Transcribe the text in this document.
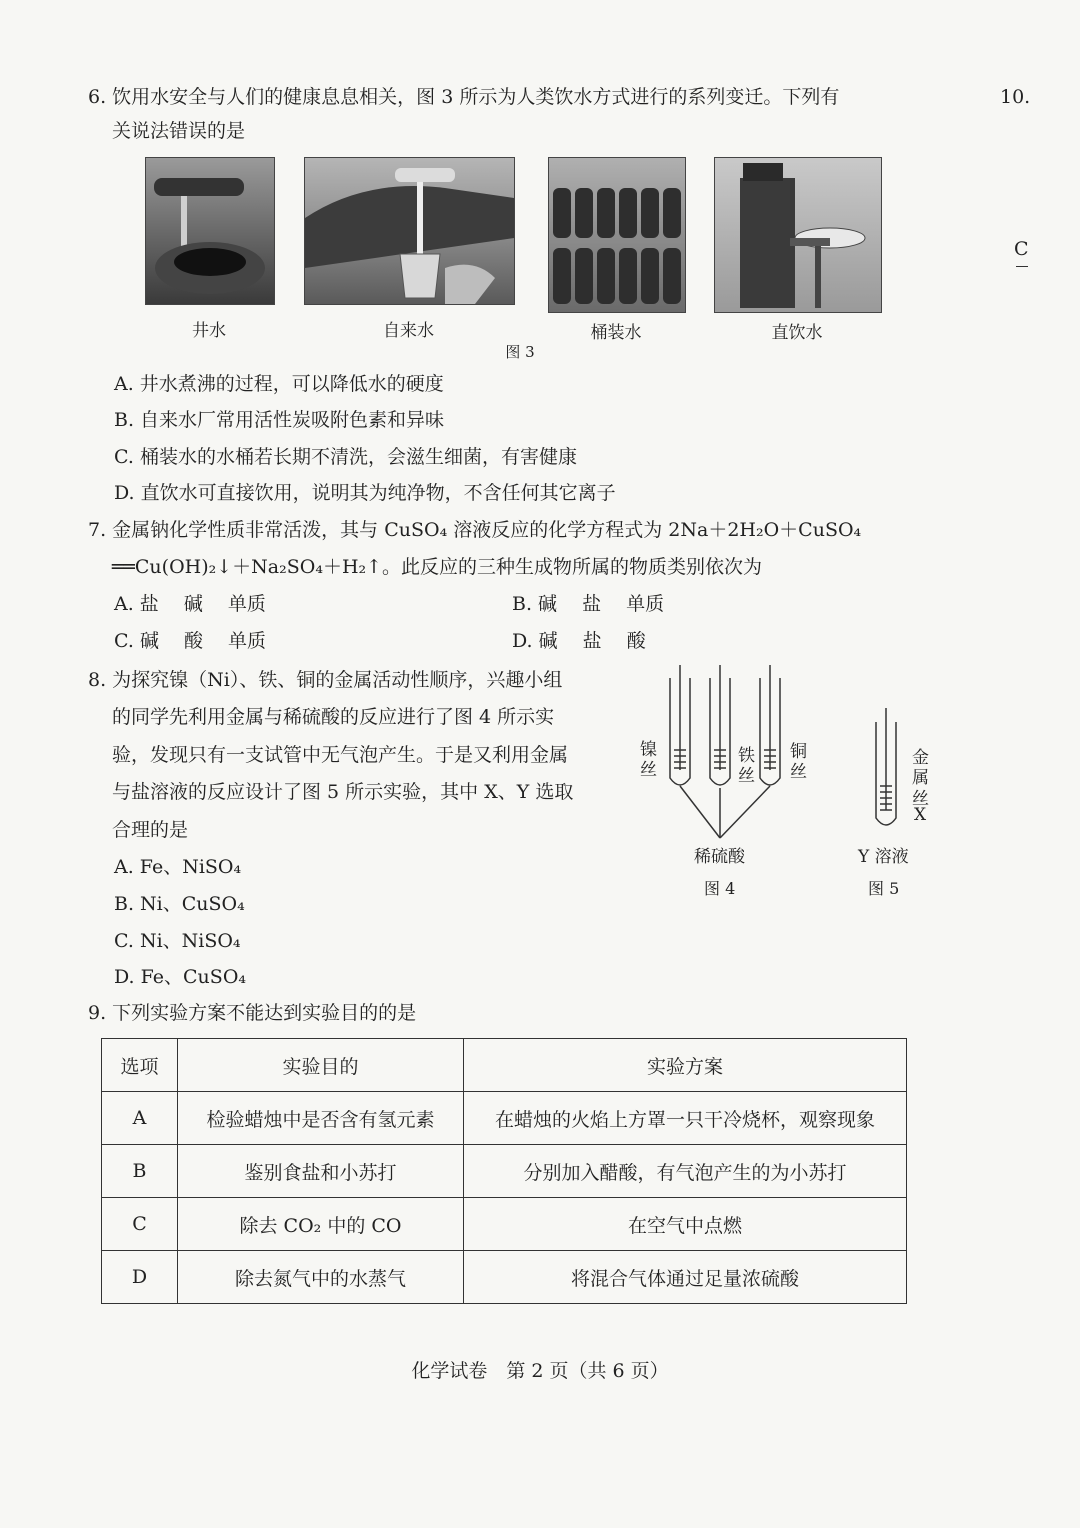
10.
C
6. 饮用水安全与人们的健康息息相关，图 3 所示为人类饮水方式进行的系列变迁。下列有
关说法错误的是
井水	自来水	桶装水	直饮水
图 3
A. 井水煮沸的过程，可以降低水的硬度
B. 自来水厂常用活性炭吸附色素和异味
C. 桶装水的水桶若长期不清洗，会滋生细菌，有害健康
D. 直饮水可直接饮用，说明其为纯净物，不含任何其它离子
7. 金属钠化学性质非常活泼，其与 CuSO₄ 溶液反应的化学方程式为 2Na＋2H₂O＋CuSO₄
══Cu(OH)₂↓＋Na₂SO₄＋H₂↑。此反应的三种生成物所属的物质类别依次为
A. 盐　 碱　 单质	B. 碱　 盐　 单质
C. 碱　 酸　 单质	D. 碱　 盐　 酸
8. 为探究镍（Ni）、铁、铜的金属活动性顺序，兴趣小组
的同学先利用金属与稀硫酸的反应进行了图 4 所示实
验，发现只有一支试管中无气泡产生。于是又利用金属
与盐溶液的反应设计了图 5 所示实验，其中 X、Y 选取
合理的是
A. Fe、NiSO₄
B. Ni、CuSO₄
C. Ni、NiSO₄
D. Fe、CuSO₄
镍丝
铁丝
铜丝
稀硫酸
图 4
金属丝
X
Y 溶液
图 5
9. 下列实验方案不能达到实验目的的是
选项	实验目的	实验方案
A	检验蜡烛中是否含有氢元素	在蜡烛的火焰上方罩一只干冷烧杯，观察现象
B	鉴别食盐和小苏打	分别加入醋酸，有气泡产生的为小苏打
C	除去 CO₂ 中的 CO	在空气中点燃
D	除去氮气中的水蒸气	将混合气体通过足量浓硫酸
化学试卷　第 2 页（共 6 页）
